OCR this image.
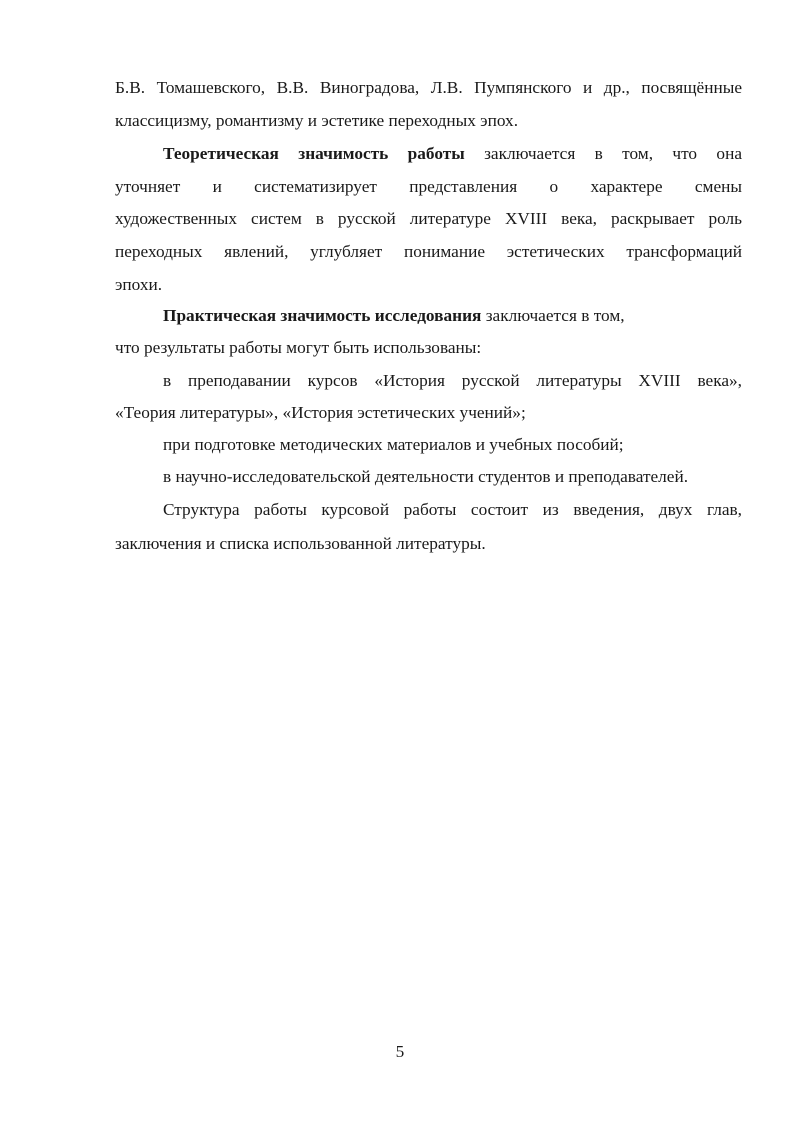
Б.В. Томашевского, В.В. Виноградова, Л.В. Пумпянского и др., посвящённые
классицизму, романтизму и эстетике переходных эпох.
Теоретическая значимость работы заключается в том, что она
уточняет и систематизирует представления о характере смены
художественных систем в русской литературе XVIII века, раскрывает роль
переходных явлений, углубляет понимание эстетических трансформаций
эпохи.
Практическая значимость исследования заключается в том,
что результаты работы могут быть использованы:
в преподавании курсов «История русской литературы XVIII века»,
«Теория литературы», «История эстетических учений»;
при подготовке методических материалов и учебных пособий;
в научно-исследовательской деятельности студентов и преподавателей.
Структура работы курсовой работы состоит из введения, двух глав,
заключения и списка использованной литературы.
5
